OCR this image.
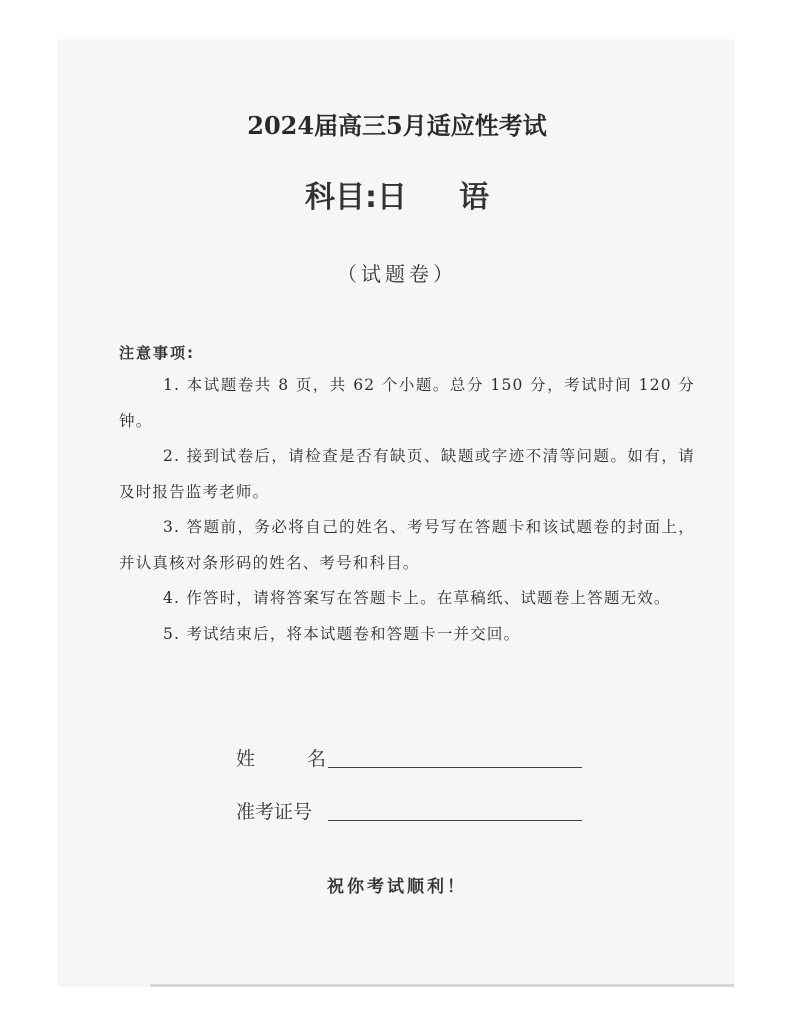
2024届高三5月适应性考试
科目:日 语
（试题卷）
注意事项:

1. 本试题卷共 8 页，共 62 个小题。总分 150 分，考试时间 120 分钟。

2. 接到试卷后，请检查是否有缺页、缺题或字迹不清等问题。如有，请及时报告监考老师。

3. 答题前，务必将自己的姓名、考号写在答题卡和该试题卷的封面上，并认真核对条形码的姓名、考号和科目。

4. 作答时，请将答案写在答题卡上。在草稿纸、试题卷上答题无效。

5. 考试结束后，将本试题卷和答题卡一并交回。

姓	名
准考证号
祝你考试顺利！
